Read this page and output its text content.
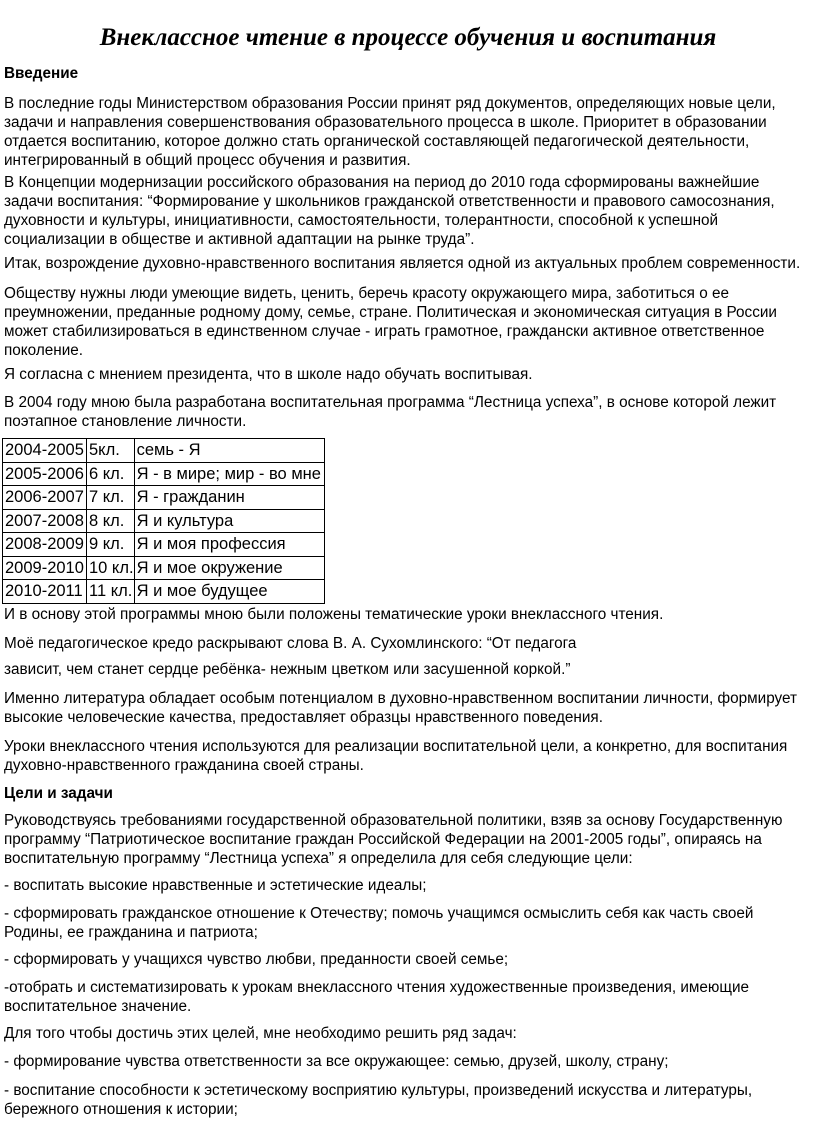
Внеклассное чтение в процессе обучения и воспитания

Введение

В последние годы Министерством образования России принят ряд документов, определяющих новые цели, задачи и направления совершенствования образовательного процесса в школе. Приоритет в образовании отдается воспитанию, которое должно стать органической составляющей педагогической деятельности, интегрированный в общий процесс обучения и развития.

В Концепции модернизации российского образования на период до 2010 года сформированы важнейшие задачи воспитания: “Формирование у школьников гражданской ответственности и правового самосознания, духовности и культуры, инициативности, самостоятельности, толерантности, способной к успешной социализации в обществе и активной адаптации на рынке труда”.

Итак, возрождение духовно-нравственного воспитания является одной из актуальных проблем современности.

Обществу нужны люди умеющие видеть, ценить, беречь красоту окружающего мира, заботиться о ее преумножении, преданные родному дому, семье, стране. Политическая и экономическая ситуация в России может стабилизироваться в единственном случае - играть грамотное, граждански активное ответственное поколение.

Я согласна с мнением президента, что в школе надо обучать воспитывая.

В 2004 году мною была разработана воспитательная программа “Лестница успеха”, в основе которой лежит поэтапное становление личности.

2004-2005	5кл.	семь - Я
2005-2006	6 кл.	Я - в мире; мир - во мне
2006-2007	7 кл.	Я - гражданин
2007-2008	8 кл.	Я и культура
2008-2009	9 кл.	Я и моя профессия
2009-2010	10 кл.	Я и мое окружение
2010-2011	11 кл.	Я и мое будущее

И в основу этой программы мною были положены тематические уроки внеклассного чтения.

Моё педагогическое кредо раскрывают слова В. А. Сухомлинского: “От педагога

зависит, чем станет сердце ребёнка- нежным цветком или засушенной коркой.”

Именно литература обладает особым потенциалом в духовно-нравственном воспитании личности, формирует высокие человеческие качества, предоставляет образцы нравственного поведения.

Уроки внеклассного чтения используются для реализации воспитательной цели, а конкретно, для воспитания духовно-нравственного гражданина своей страны.

Цели и задачи

Руководствуясь требованиями государственной образовательной политики, взяв за основу Государственную программу “Патриотическое воспитание граждан Российской Федерации на 2001-2005 годы”, опираясь на воспитательную программу “Лестница успеха” я определила для себя следующие цели:

- воспитать высокие нравственные и эстетические идеалы;

- сформировать гражданское отношение к Отечеству; помочь учащимся осмыслить себя как часть своей Родины, ее гражданина и патриота;

- сформировать у учащихся чувство любви, преданности своей семье;

-отобрать и систематизировать к урокам внеклассного чтения художественные произведения, имеющие воспитательное значение.

Для того чтобы достичь этих целей, мне необходимо решить ряд задач:

- формирование чувства ответственности за все окружающее: семью, друзей, школу, страну;

- воспитание способности к эстетическому восприятию культуры, произведений искусства и литературы, бережного отношения к истории;
